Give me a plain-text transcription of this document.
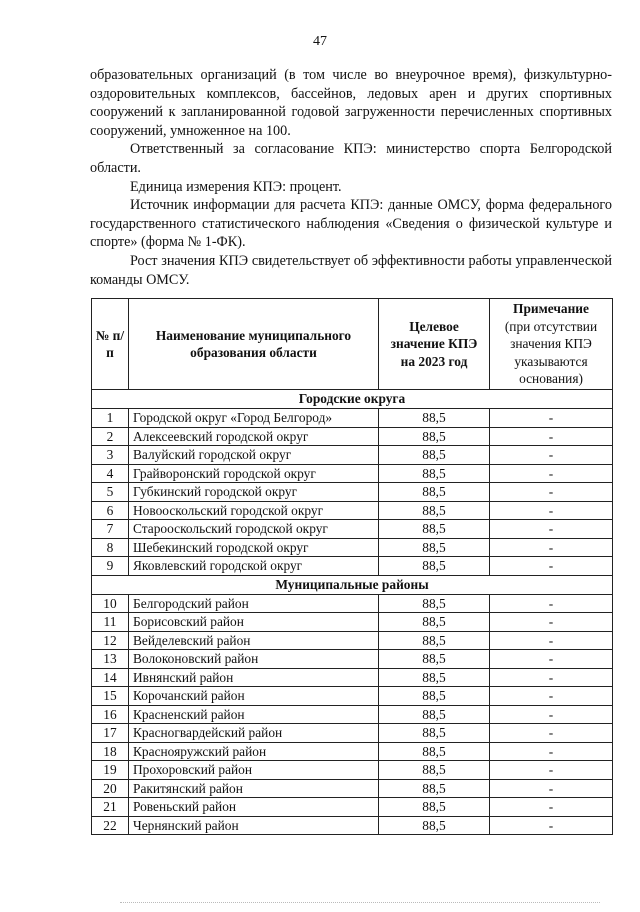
47

образовательных организаций (в том числе во внеурочное время), физкультурно-оздоровительных комплексов, бассейнов, ледовых арен и других спортивных сооружений к запланированной годовой загруженности перечисленных спортивных сооружений, умноженное на 100.

Ответственный за согласование КПЭ: министерство спорта Белгородской области.

Единица измерения КПЭ: процент.

Источник информации для расчета КПЭ: данные ОМСУ, форма федерального государственного статистического наблюдения «Сведения о физической культуре и спорте» (форма № 1-ФК).

Рост значения КПЭ свидетельствует об эффективности работы управленческой команды ОМСУ.

№ п/п	Наименование муниципального образования области	Целевое значение КПЭ на 2023 год	Примечание
(при отсутствии значения КПЭ указываются основания)
Городские округа			
1	Городской округ «Город Белгород»	88,5	-
2	Алексеевский городской округ	88,5	-
3	Валуйский городской округ	88,5	-
4	Грайворонский городской округ	88,5	-
5	Губкинский городской округ	88,5	-
6	Новооскольский городской округ	88,5	-
7	Старооскольский городской округ	88,5	-
8	Шебекинский городской округ	88,5	-
9	Яковлевский городской округ	88,5	-
Муниципальные районы			
10	Белгородский район	88,5	-
11	Борисовский район	88,5	-
12	Вейделевский район	88,5	-
13	Волоконовский район	88,5	-
14	Ивнянский район	88,5	-
15	Корочанский район	88,5	-
16	Красненский район	88,5	-
17	Красногвардейский район	88,5	-
18	Краснояружский район	88,5	-
19	Прохоровский район	88,5	-
20	Ракитянский район	88,5	-
21	Ровеньский район	88,5	-
22	Чернянский район	88,5	-
